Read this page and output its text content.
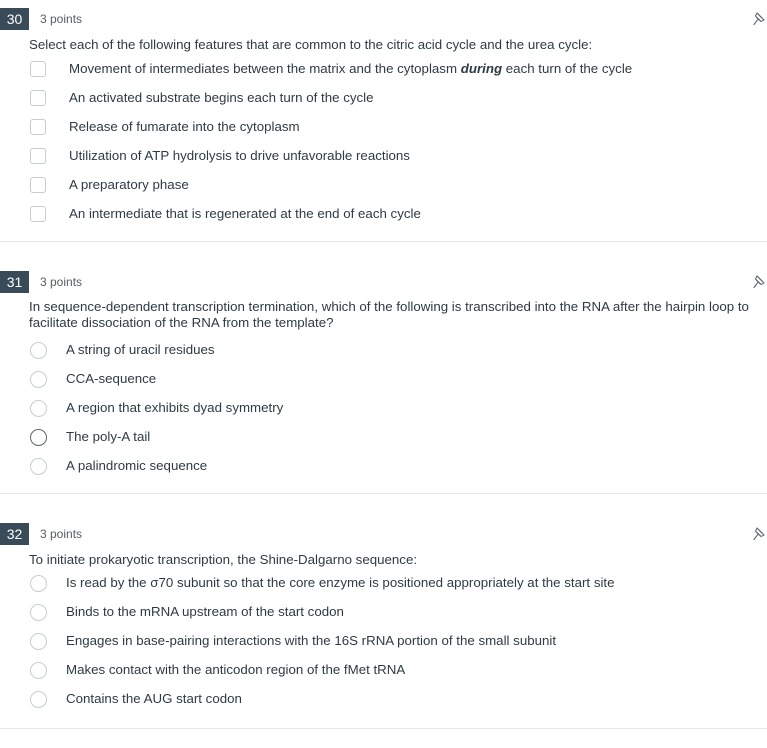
30	3 points
Select each of the following features that are common to the citric acid cycle and the urea cycle:
Movement of intermediates between the matrix and the cytoplasm during each turn of the cycle
An activated substrate begins each turn of the cycle
Release of fumarate into the cytoplasm
Utilization of ATP hydrolysis to drive unfavorable reactions
A preparatory phase
An intermediate that is regenerated at the end of each cycle
31	3 points
In sequence-dependent transcription termination, which of the following is transcribed into the RNA after the hairpin loop to facilitate dissociation of the RNA from the template?
A string of uracil residues
CCA-sequence
A region that exhibits dyad symmetry
The poly-A tail
A palindromic sequence
32	3 points
To initiate prokaryotic transcription, the Shine-Dalgarno sequence:
Is read by the σ70 subunit so that the core enzyme is positioned appropriately at the start site
Binds to the mRNA upstream of the start codon
Engages in base-pairing interactions with the 16S rRNA portion of the small subunit
Makes contact with the anticodon region of the fMet tRNA
Contains the AUG start codon
